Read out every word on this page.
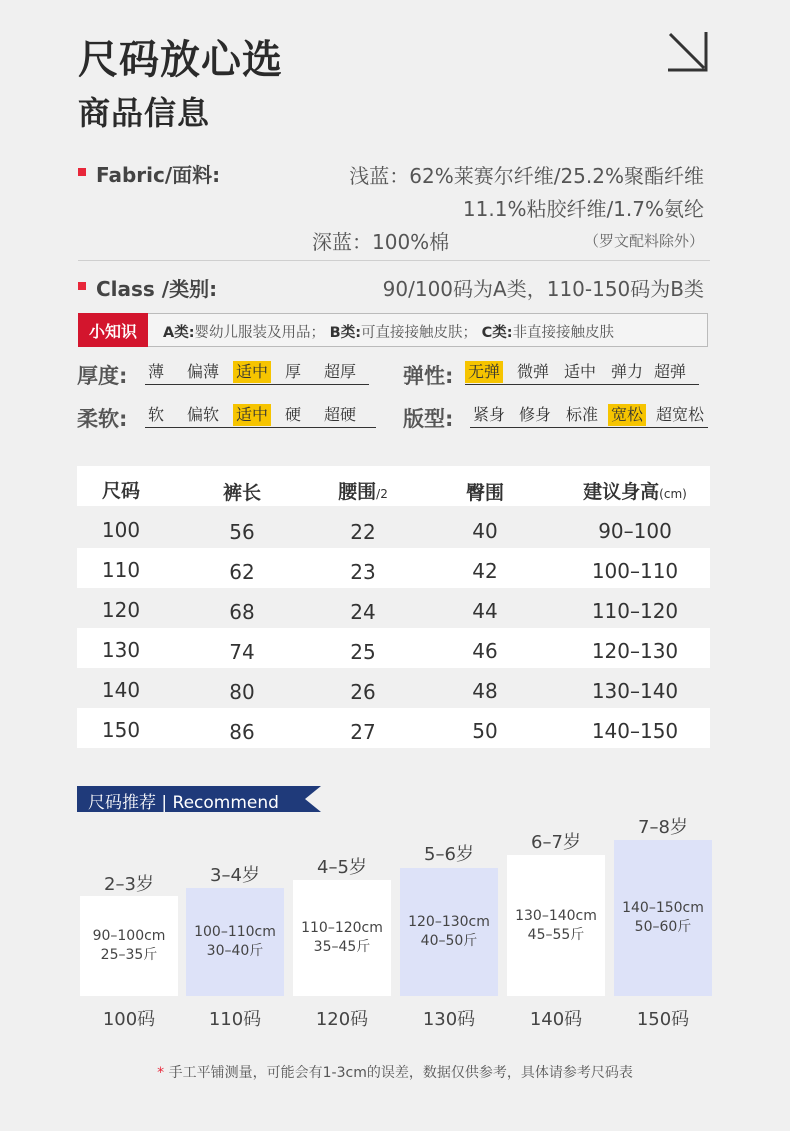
尺码放心选
商品信息
Fabric/面料:	浅蓝：62%莱赛尔纤维/25.2%聚酯纤维
11.1%粘胶纤维/1.7%氨纶
深蓝：100%棉	（罗文配料除外）
Class /类别:	90/100码为A类，110-150码为B类
小知识	A类:婴幼儿服装及用品； B类:可直接接触皮肤； C类:非直接接触皮肤
厚度: 薄 偏薄 适中 厚 超厚 弹性: 无弹 微弹 适中 弹力 超弹
柔软: 软 偏软 适中 硬 超硬 版型: 紧身 修身 标准 宽松 超宽松
尺码	裤长	腰围/2	臀围	建议身高(cm)
100	56	22	40	90–100
110	62	23	42	100–110
120	68	24	44	110–120
130	74	25	46	120–130
140	80	26	48	130–140
150	86	27	50	140–150
尺码推荐 | Recommend
2–3岁
90–100cm
25–35斤
100码
3–4岁
100–110cm
30–40斤
110码
4–5岁
110–120cm
35–45斤
120码
5–6岁
120–130cm
40–50斤
130码
6–7岁
130–140cm
45–55斤
140码
7–8岁
140–150cm
50–60斤
150码
* 手工平铺测量，可能会有1-3cm的误差，数据仅供参考，具体请参考尺码表
